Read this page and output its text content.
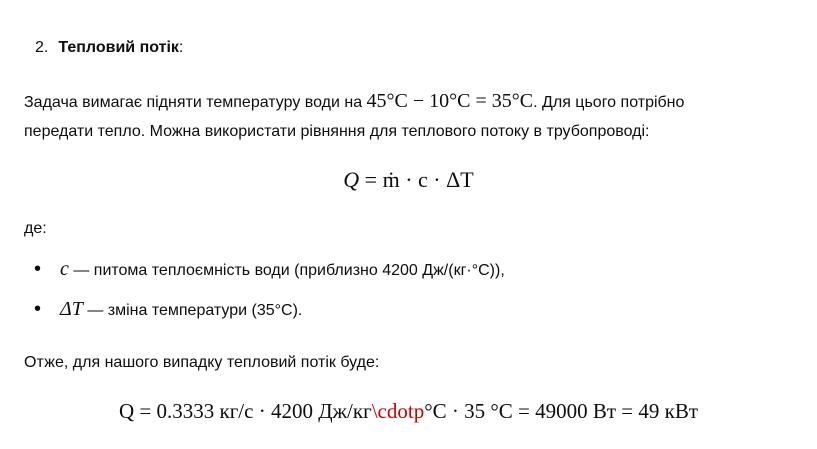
2. Тепловий потік:
Задача вимагає підняти температуру води на 45°C − 10°C = 35°C. Для цього потрібно
передати тепло. Можна використати рівняння для теплового потоку в трубопроводі:
Q = ṁ · c · ΔT
де:
• c — питома теплоємність води (приблизно 4200 Дж/(кг·°C)),
• ΔT — зміна температури (35°C).
Отже, для нашого випадку тепловий потік буде:
Q = 0.3333 кг/с · 4200 Дж/кг\cdotp°C · 35 °C = 49000 Вт = 49 кВт
